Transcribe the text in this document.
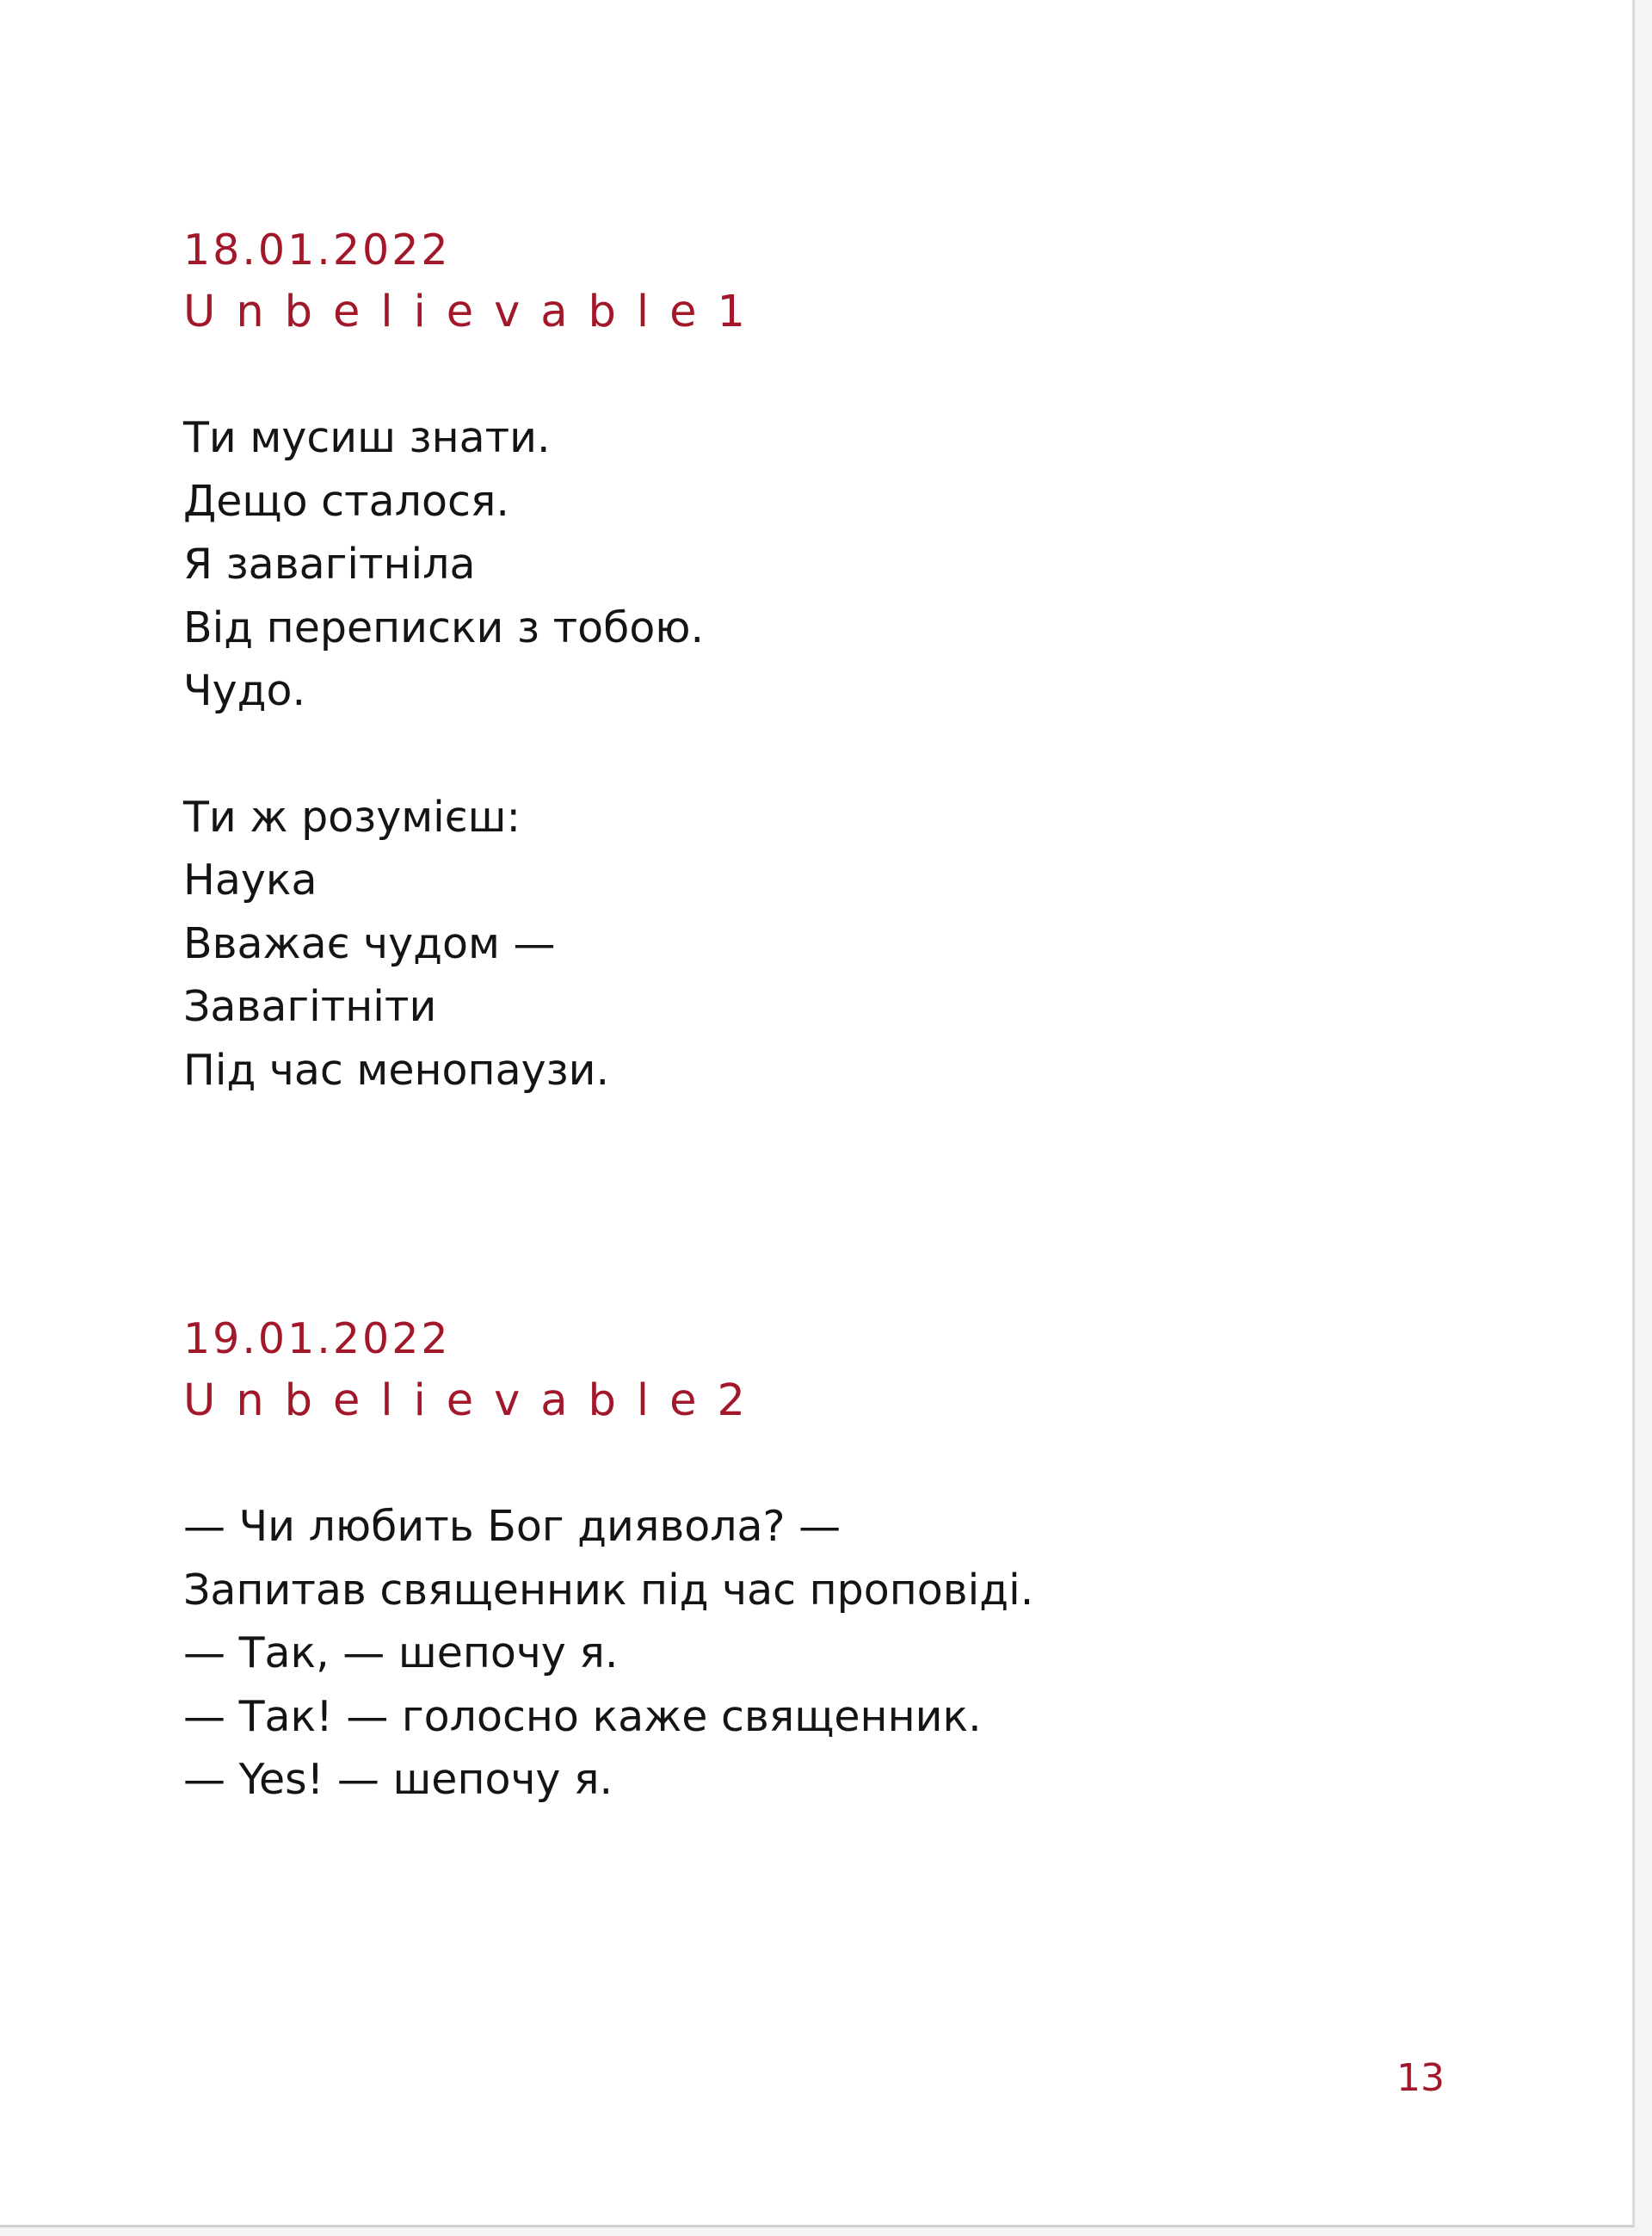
18.01.2022
Unbelievable1
Ти мусиш знати.
Дещо сталося.
Я завагітніла
Від переписки з тобою.
Чудо.
Ти ж розумієш:
Наука
Вважає чудом —
Завагітніти
Під час менопаузи.
19.01.2022
Unbelievable2
— Чи любить Бог диявола? —
Запитав священник під час проповіді.
— Так, — шепочу я.
— Так! — голосно каже священник.
— Yes! — шепочу я.
13
